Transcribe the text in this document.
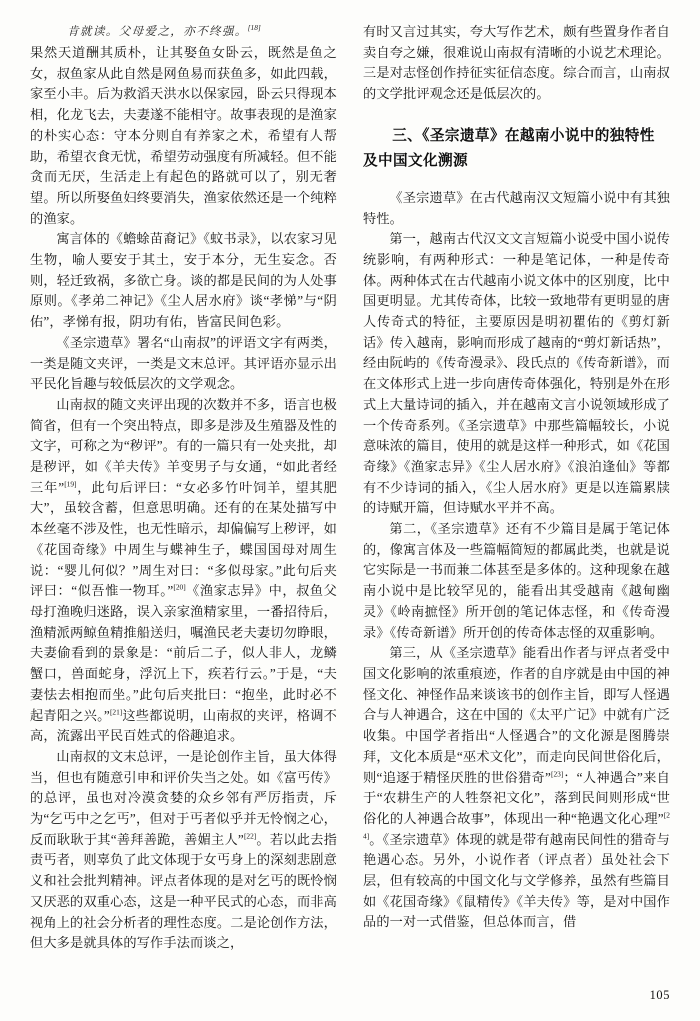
肯就读。父母爱之，亦不终强。[18]

果然天道酬其质朴，让其娶鱼女卧云，既然是鱼之女，叔鱼家从此自然是网鱼易而获鱼多，如此四载，家至小丰。后为救滔天洪水以保家园，卧云只得现本相，化龙飞去，夫妻遂不能相守。故事表现的是渔家的朴实心态：守本分则自有养家之术，希望有人帮助，希望衣食无忧，希望劳动强度有所减轻。但不能贪而无厌，生活走上有起色的路就可以了，别无奢望。所以所娶鱼妇终要消失，渔家依然还是一个纯粹的渔家。

寓言体的《蟾蜍苗裔记》《蚊书录》，以农家习见生物，喻人要安于其土，安于本分，无生妄念。否则，轻迁致祸，多欲亡身。谈的都是民间的为人处事原则。《孝弟二神记》《尘人居水府》谈“孝悌”与“阴佑”，孝悌有报，阴功有佑，皆富民间色彩。

《圣宗遗草》署名“山南叔”的评语文字有两类，一类是随文夹评，一类是文末总评。其评语亦显示出平民化旨趣与较低层次的文学观念。

山南叔的随文夹评出现的次数并不多，语言也极简省，但有一个突出特点，即多是涉及生殖器及性的文字，可称之为“秽评”。有的一篇只有一处夹批，却是秽评，如《羊夫传》羊变男子与女通，“如此者经三年”[19]，此句后评曰：“女必多竹叶饲羊，望其肥大”，虽较含蓄，但意思明确。还有的在某处描写中本丝毫不涉及性，也无性暗示，却偏偏写上秽评，如《花国奇缘》中周生与蝶神生子，蝶国国母对周生说：“婴儿何似？”周生对曰：“多似母家。”此句后夹评曰：“似吾惟一物耳。”[20]《渔家志异》中，叔鱼父母打渔晚归迷路，误入亲家渔精家里，一番招待后，渔精派两鲸鱼精推船送归，嘱渔民老夫妻切勿睁眼，夫妻偷看到的景象是：“前后二子，似人非人，龙鳞蟹口，兽面蛇身，浮沉上下，疾若行云。”于是，“夫妻怯去相抱而坐。”此句后夹批曰：“抱坐，此时必不起青阳之兴。”[21]这些都说明，山南叔的夹评，格调不高，流露出平民百姓式的俗趣追求。

山南叔的文末总评，一是论创作主旨，虽大体得当，但也有随意引申和评价失当之处。如《富丐传》的总评，虽也对冷漠贪婪的众乡邻有严厉指责，斥为“乞丐中之乞丐”，但对于丐者似乎并无怜悯之心，反而耿耿于其“善拜善跪，善媚主人”[22]。若以此去指责丐者，则辜负了此文体现于女丐身上的深刻悲剧意义和社会批判精神。评点者体现的是对乞丐的既怜悯又厌恶的双重心态，这是一种平民式的心态，而非高视角上的社会分析者的理性态度。二是论创作方法，但大多是就具体的写作手法而谈之，

有时又言过其实，夸大写作艺术，颇有些置身作者自卖自夸之嫌，很难说山南叔有清晰的小说艺术理论。三是对志怪创作持征实征信态度。综合而言，山南叔的文学批评观念还是低层次的。

三、《圣宗遗草》在越南小说中的独特性
及中国文化溯源

《圣宗遗草》在古代越南汉文短篇小说中有其独特性。

第一，越南古代汉文文言短篇小说受中国小说传统影响，有两种形式：一种是笔记体，一种是传奇体。两种体式在古代越南小说文体中的区别度，比中国更明显。尤其传奇体，比较一致地带有更明显的唐人传奇式的特征，主要原因是明初瞿佑的《剪灯新话》传入越南，影响而形成了越南的“剪灯新话热”，经由阮屿的《传奇漫录》、段氏点的《传奇新谱》，而在文体形式上进一步向唐传奇体强化，特别是外在形式上大量诗词的插入，并在越南文言小说领域形成了一个传奇系列。《圣宗遗草》中那些篇幅较长，小说意味浓的篇目，使用的就是这样一种形式，如《花国奇缘》《渔家志异》《尘人居水府》《浪泊逢仙》等都有不少诗词的插入，《尘人居水府》更是以连篇累牍的诗赋开篇，但诗赋水平并不高。

第二，《圣宗遗草》还有不少篇目是属于笔记体的，像寓言体及一些篇幅简短的都属此类，也就是说它实际是一书而兼二体甚至是多体的。这种现象在越南小说中是比较罕见的，能看出其受越南《越甸幽灵》《岭南摭怪》所开创的笔记体志怪，和《传奇漫录》《传奇新谱》所开创的传奇体志怪的双重影响。

第三，从《圣宗遗草》能看出作者与评点者受中国文化影响的浓重痕迹，作者的自序就是由中国的神怪文化、神怪作品来谈该书的创作主旨，即写人怪遇合与人神遇合，这在中国的《太平广记》中就有广泛收集。中国学者指出“人怪遇合”的文化源是图腾崇拜，文化本质是“巫术文化”，而走向民间世俗化后，则“追逐于精怪厌胜的世俗猎奇”[23]；“人神遇合”来自于“农耕生产的人牲祭祀文化”，落到民间则形成“世俗化的人神遇合故事”，体现出一种“艳遇文化心理”[24]。《圣宗遗草》体现的就是带有越南民间性的猎奇与艳遇心态。另外，小说作者（评点者）虽处社会下层，但有较高的中国文化与文学修养，虽然有些篇目如《花国奇缘》《鼠精传》《羊夫传》等，是对中国作品的一对一式借鉴，但总体而言，借

105
